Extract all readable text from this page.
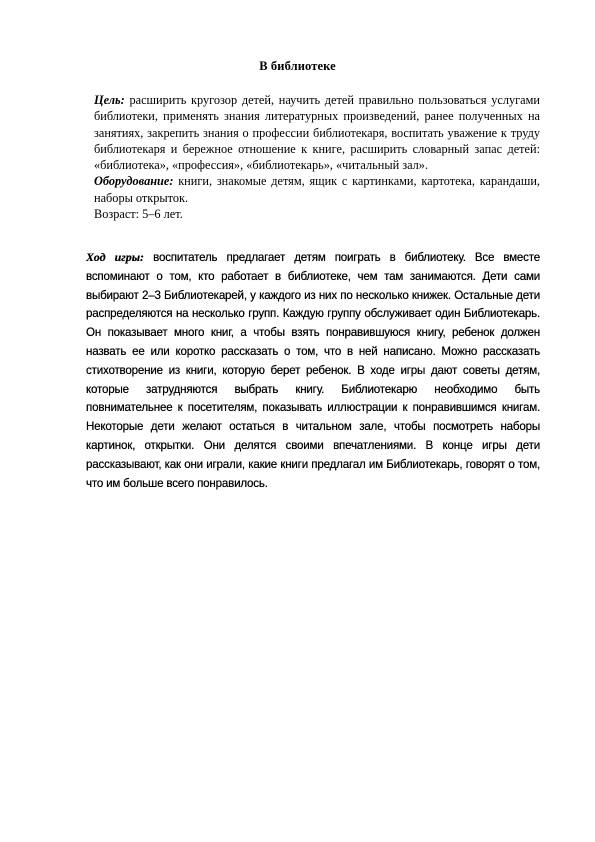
В библиотеке
Цель: расширить кругозор детей, научить детей правильно пользоваться услугами библиотеки, применять знания литературных произведений, ранее полученных на занятиях, закрепить знания о профессии библиотекаря, воспитать уважение к труду библиотекаря и бережное отношение к книге, расширить словарный запас детей: «библиотека», «профессия», «библиотекарь», «читальный зал».
Оборудование: книги, знакомые детям, ящик с картинками, картотека, карандаши, наборы открыток.
Возраст: 5–6 лет.
Ход игры: воспитатель предлагает детям поиграть в библиотеку. Все вместе вспоминают о том, кто работает в библиотеке, чем там занимаются. Дети сами выбирают 2–3 Библиотекарей, у каждого из них по несколько книжек. Остальные дети распределяются на несколько групп. Каждую группу обслуживает один Библиотекарь. Он показывает много книг, а чтобы взять понравившуюся книгу, ребенок должен назвать ее или коротко рассказать о том, что в ней написано. Можно рассказать стихотворение из книги, которую берет ребенок. В ходе игры дают советы детям, которые затрудняются выбрать книгу. Библиотекарю необходимо быть повнимательнее к посетителям, показывать иллюстрации к понравившимся книгам. Некоторые дети желают остаться в читальном зале, чтобы посмотреть наборы картинок, открытки. Они делятся своими впечатлениями. В конце игры дети рассказывают, как они играли, какие книги предлагал им Библиотекарь, говорят о том, что им больше всего понравилось.
